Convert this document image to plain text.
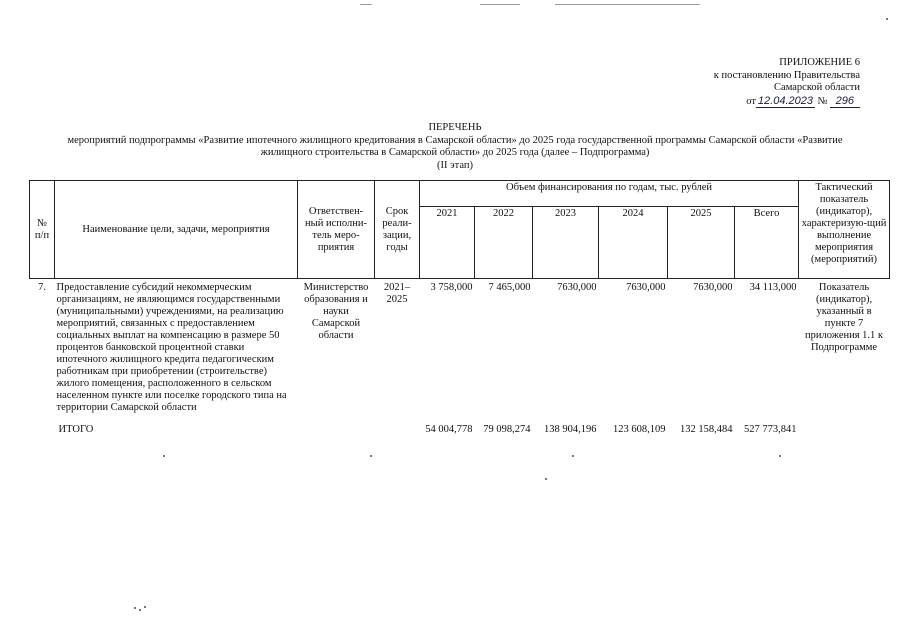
ПРИЛОЖЕНИЕ 6
к постановлению Правительства
Самарской области
от 12.04.2023 № 296
ПЕРЕЧЕНЬ
мероприятий подпрограммы «Развитие ипотечного жилищного кредитования в Самарской области» до 2025 года государственной программы Самарской области «Развитие
жилищного строительства в Самарской области» до 2025 года (далее – Подпрограмма)
(II этап)
№ п/п	Наименование цели, задачи, мероприятия	Ответствен-ный исполни-тель меро-приятия	Срок реали-зации, годы	Объем финансирования по годам, тыс. рублей						Тактический показатель (индикатор), характеризую-щий выполнение мероприятия (мероприятий)
				2021	2022	2023	2024	2025	Всего	
7.	Предоставление субсидий некоммерческим организациям, не являющимся государственными (муниципальными) учреждениями, на реализацию мероприятий, связанных с предоставлением социальных выплат на компенсацию в размере 50 процентов банковской процентной ставки ипотечного жилищного кредита педагогическим работникам при приобретении (строительстве) жилого помещения, расположенного в сельском населенном пункте или поселке городского типа на территории Самарской области	Министерство образования и науки Самарской области	2021–2025	3 758,000	7 465,000	7630,000	7630,000	7630,000	34 113,000	Показатель (индикатор), указанный в пункте 7 приложения 1.1 к Подпрограмме
	ИТОГО			54 004,778	79 098,274	138 904,196	123 608,109	132 158,484	527 773,841	
